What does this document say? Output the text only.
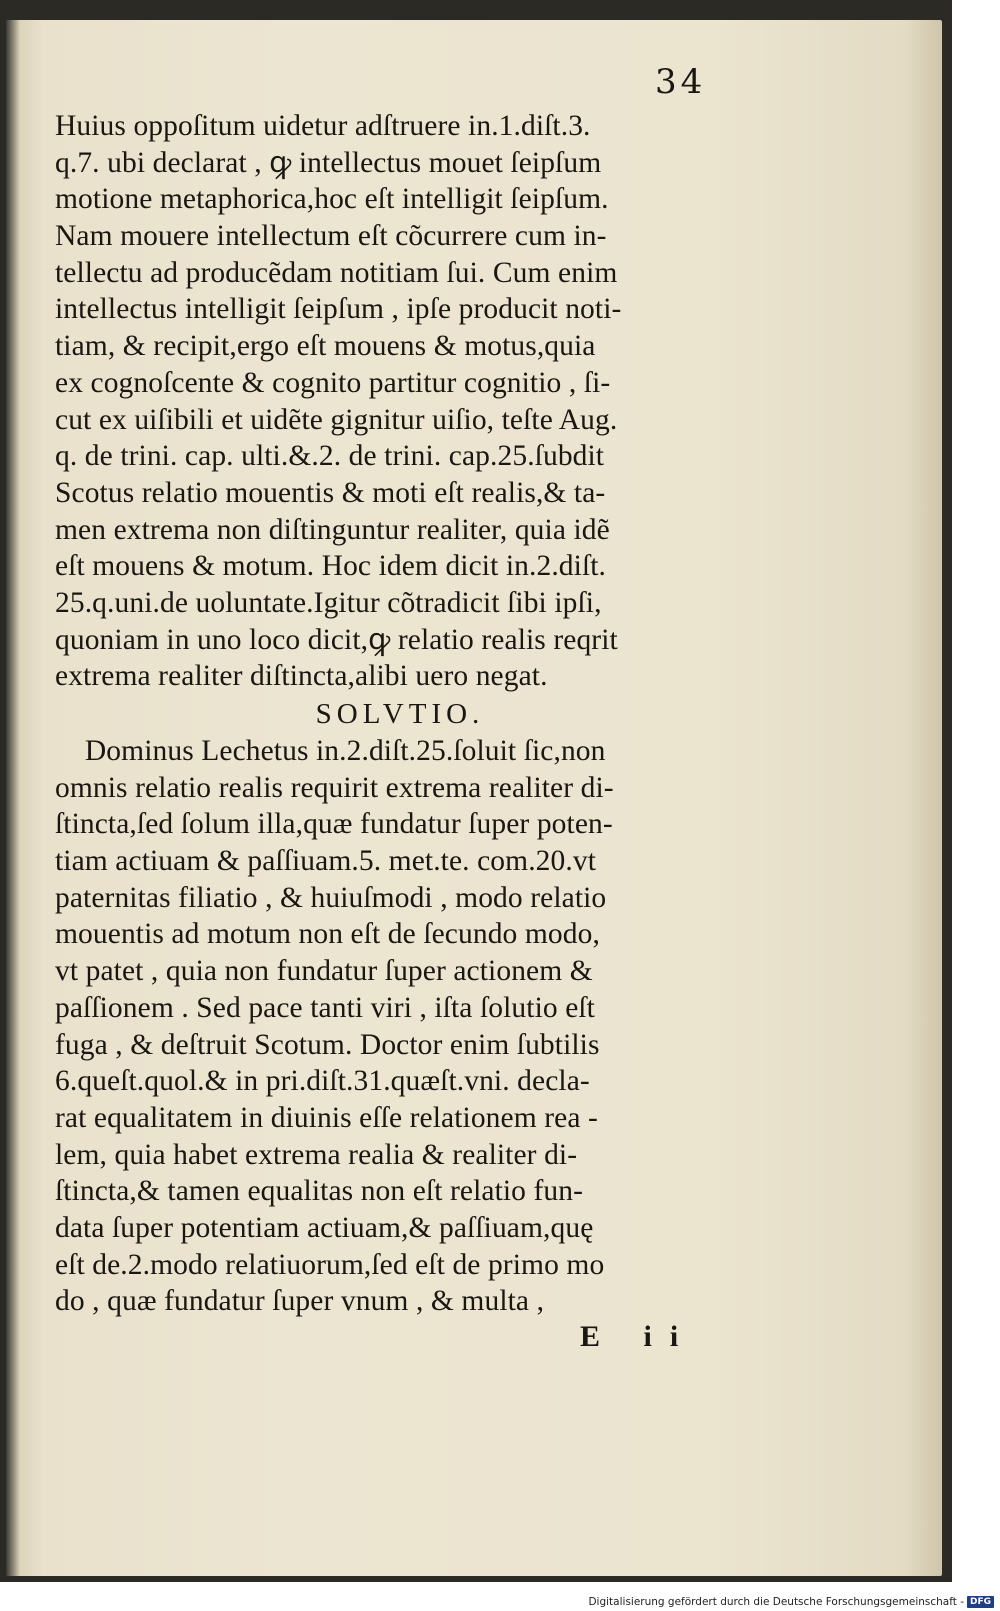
34
Huius oppoſitum uidetur adſtruere in.1.diſt.3.
q.7. ubi declarat , ꝙ intellectus mouet ſeipſum
motione metaphorica,hoc eſt intelligit ſeipſum.
Nam mouere intellectum eſt cõcurrere cum in-
tellectu ad producẽdam notitiam ſui. Cum enim
intellectus intelligit ſeipſum , ipſe producit noti-
tiam, & recipit,ergo eſt mouens & motus,quia
ex cognoſcente & cognito partitur cognitio , ſi-
cut ex uiſibili et uidẽte gignitur uiſio, teſte Aug.
q. de trini. cap. ulti.&.2. de trini. cap.25.ſubdit
Scotus relatio mouentis & moti eſt realis,& ta-
men extrema non diſtinguntur realiter, quia idẽ
eſt mouens & motum. Hoc idem dicit in.2.diſt.
25.q.uni.de uoluntate.Igitur cõtradicit ſibi ipſi,
quoniam in uno loco dicit,ꝙ relatio realis reqrit
extrema realiter diſtincta,alibi uero negat.
SOLVTIO.
Dominus Lechetus in.2.diſt.25.ſoluit ſic,non
omnis relatio realis requirit extrema realiter di-
ſtincta,ſed ſolum illa,quæ fundatur ſuper poten-
tiam actiuam & paſſiuam.5. met.te. com.20.vt
paternitas filiatio , & huiuſmodi , modo relatio
mouentis ad motum non eſt de ſecundo modo,
vt patet , quia non fundatur ſuper actionem &
paſſionem . Sed pace tanti viri , iſta ſolutio eſt
fuga , & deſtruit Scotum. Doctor enim ſubtilis
6.queſt.quol.& in pri.diſt.31.quæſt.vni. decla-
rat equalitatem in diuinis eſſe relationem rea -
lem, quia habet extrema realia & realiter di-
ſtincta,& tamen equalitas non eſt relatio fun-
data ſuper potentiam actiuam,& paſſiuam,quę
eſt de.2.modo relatiuorum,ſed eſt de primo mo
do , quæ fundatur ſuper vnum , & multa ,
E ii
Digitalisierung gefördert durch die Deutsche Forschungsgemeinschaft - DFG
